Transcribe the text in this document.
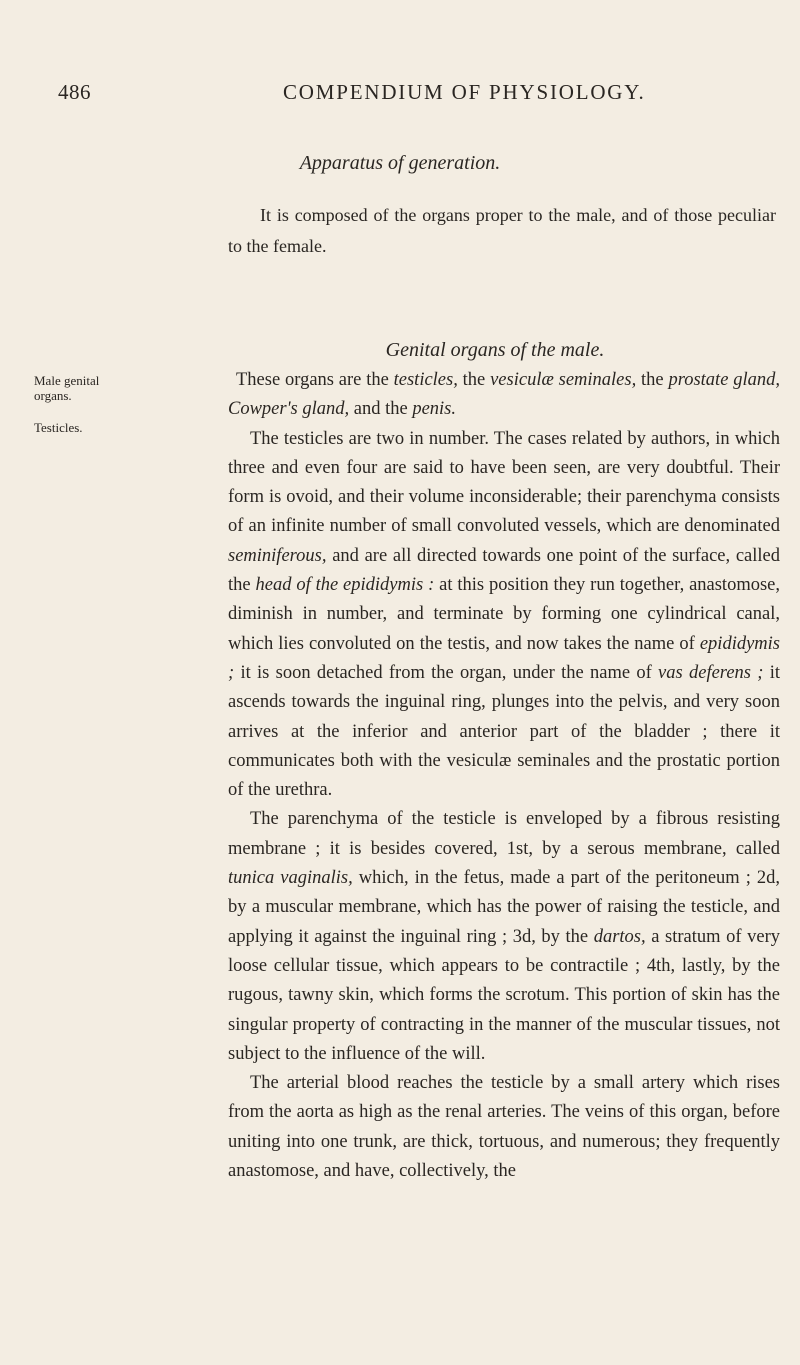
486	COMPENDIUM OF PHYSIOLOGY.
Apparatus of generation.

It is composed of the organs proper to the male, and of those peculiar to the female.

Genital organs of the male.
Male genital organs.
Testicles.

These organs are the testicles, the vesiculæ seminales, the prostate gland, Cowper's gland, and the penis.

The testicles are two in number. The cases related by authors, in which three and even four are said to have been seen, are very doubtful. Their form is ovoid, and their volume inconsiderable; their parenchyma consists of an infinite number of small convoluted vessels, which are denominated seminiferous, and are all directed towards one point of the surface, called the head of the epididymis : at this position they run together, anastomose, diminish in number, and terminate by forming one cylindrical canal, which lies convoluted on the testis, and now takes the name of epididymis ; it is soon detached from the organ, under the name of vas deferens ; it ascends towards the inguinal ring, plunges into the pelvis, and very soon arrives at the inferior and anterior part of the bladder ; there it communicates both with the vesiculæ seminales and the prostatic portion of the urethra.

The parenchyma of the testicle is enveloped by a fibrous resisting membrane ; it is besides covered, 1st, by a serous membrane, called tunica vaginalis, which, in the fetus, made a part of the peritoneum ; 2d, by a muscular membrane, which has the power of raising the testicle, and applying it against the inguinal ring ; 3d, by the dartos, a stratum of very loose cellular tissue, which appears to be contractile ; 4th, lastly, by the rugous, tawny skin, which forms the scrotum. This portion of skin has the singular property of contracting in the manner of the muscular tissues, not subject to the influence of the will.

The arterial blood reaches the testicle by a small artery which rises from the aorta as high as the renal arteries. The veins of this organ, before uniting into one trunk, are thick, tortuous, and numerous; they frequently anastomose, and have, collectively, the
